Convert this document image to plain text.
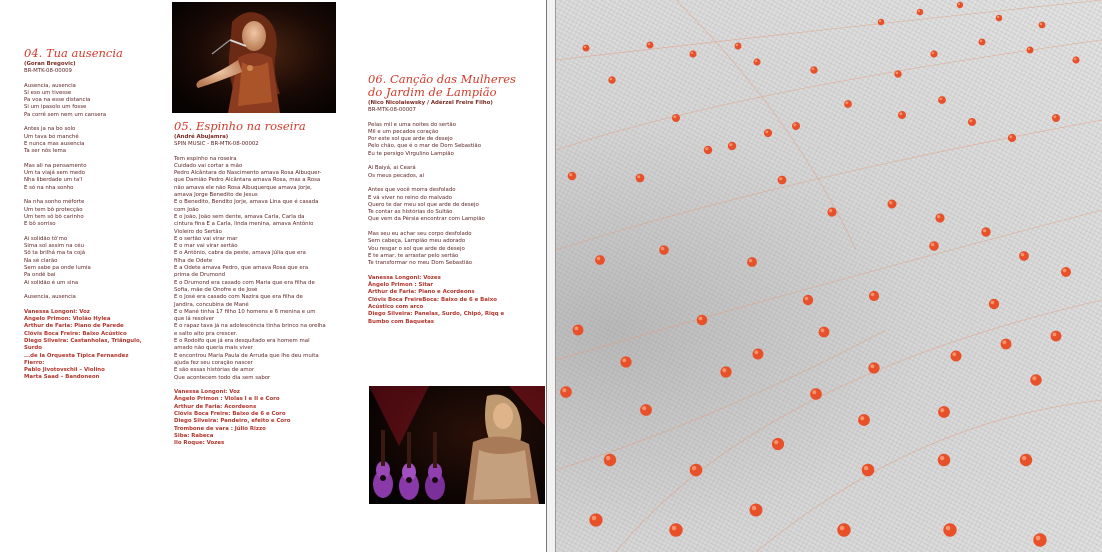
04. Tua ausencia
(Goran Bregovic)
BR-MTK-08-00009
Ausencia, ausencia
Si eso um tivesse
Pa voa na esse distancia
Si um ipasolo um fosse
Pa corrê sem nem um cansera
Antes ja na bo solo
Um tava bo manchê
E nunca mas ausencia
Ta ser nôs lema
Mas ali na pensamento
Um ta viajá sem medo
Nha liberdade um ta'l
E só na nha sonho
Na nha sonho méforte
Um tem bô protecção
Um tem sô bô carinho
E bô sorriso
Ai solidão tô'mo
Sima sol assim na céu
Sô ta brilhá ma ta cojá
Na sé clarão
Sem sabe pa onde lumia
Pa ondê bai
Ai solidão é um sina
Ausencia, ausencia
Vanessa Longoni: Voz
Angelo Primon: Violão Hylea
Arthur de Faria: Piano de Parede
Clóvis Boca Freire: Baixo Acústico
Diego Silveira: Castanholas, Triângulo,
Surdo
...de la Orquesta Típica Fernandez
Fierro:
Pablo Jivotovschii – Violino
Marta Saad – Bandoneon
05. Espinho na roseira
(André Abujamra)
SPIN MUSIC - BR-MTK-08-00002
Tem espinho na roseira
Cuidado vai cortar a mão
Pedro Alcântara do Nascimento amava Rosa Albuquer-
que Damião Pedro Alcântara amava Rosa, mas a Rosa
não amava ele não Rosa Albuquerque amava Jorje,
amava Jorge Benedito de Jesus
E o Benedito, Bendito Jorje, amava Lina que é casada
com João
E o João, João sem dente, amava Carla, Carla da
cintura fina E a Carla, linda menina, amava Antônio
Violeiro do Sertão
E o sertão vai virar mar
E o mar vai virar sertão
E o Antônio, cabra da peste, amava Júlia que era
filha de Odete
E a Odete amava Pedro, que amava Rosa que era
prima de Drumond
E o Drumond era casado com Maria que era filha de
Sofia, mãe de Onofre e de José
E o José era casado com Nazira que era filha de
Jandira, concubina de Mané
E o Mané tinha 17 filho 10 homens e 6 menina e um
que lá resolver
E o rapaz tava já na adolescência tinha brinco na orelha
e salto alto pra crescer.
E o Rodolfo que já era desquitado era homem mal
amado não queria mais viver
E encontrou Maria Paula de Arruda que lhe deu muita
ajuda fez seu coração nascer
E são essas histórias de amor
Que acontecem todo dia sem sabor
Vanessa Longoni: Voz
Ângelo Primon : Violas I e II e Coro
Arthur de Faria: Acordeons
Clóvis Boca Freire: Baixo de 6 e Coro
Diego Silveira: Pandeiro, efeito e Coro
Trombone de vara : Júlio Rizzo
Siba: Rabeca
Ilo Roque: Vozes
06. Canção das Mulheres
do Jardim de Lampião
(Nico Nicolaiewsky / Adérzel Freire Filho)
BR-MTK-08-00007
Pelas mil e uma noites do sertão
Mil e um pecados coração
Por este sol que arde de desejo
Pelo chão, que é o mar de Dom Sebastião
Eu te persigo Virgulino Lampião
Ai Baiyá, ai Ceará
Os meus pecados, ai
Antes que você morra desfolado
E vá viver no reino do malvado
Quero te dar meu sol que arde de desejo
Te contar as histórias do Sultão
Que vem da Pérsia encontrar com Lampião
Mas seu eu achar seu corpo desfolado
Sem cabeça, Lampião meu adorado
Vou resgar o sol que arde de desejo
E te amar, te arrastar pelo sertão
Te transformar no meu Dom Sebastião
Vanessa Longoni: Vozes
Ângelo Primon : Sitar
Arthur de Faria: Piano e Acordeons
Clóvis Boca FreireBoca: Baixo de 6 e Baixo
Acústico com arco
Diego Silveira: Panelas, Surdo, Chipó, Riqq e
Bumbo com Baquetas
